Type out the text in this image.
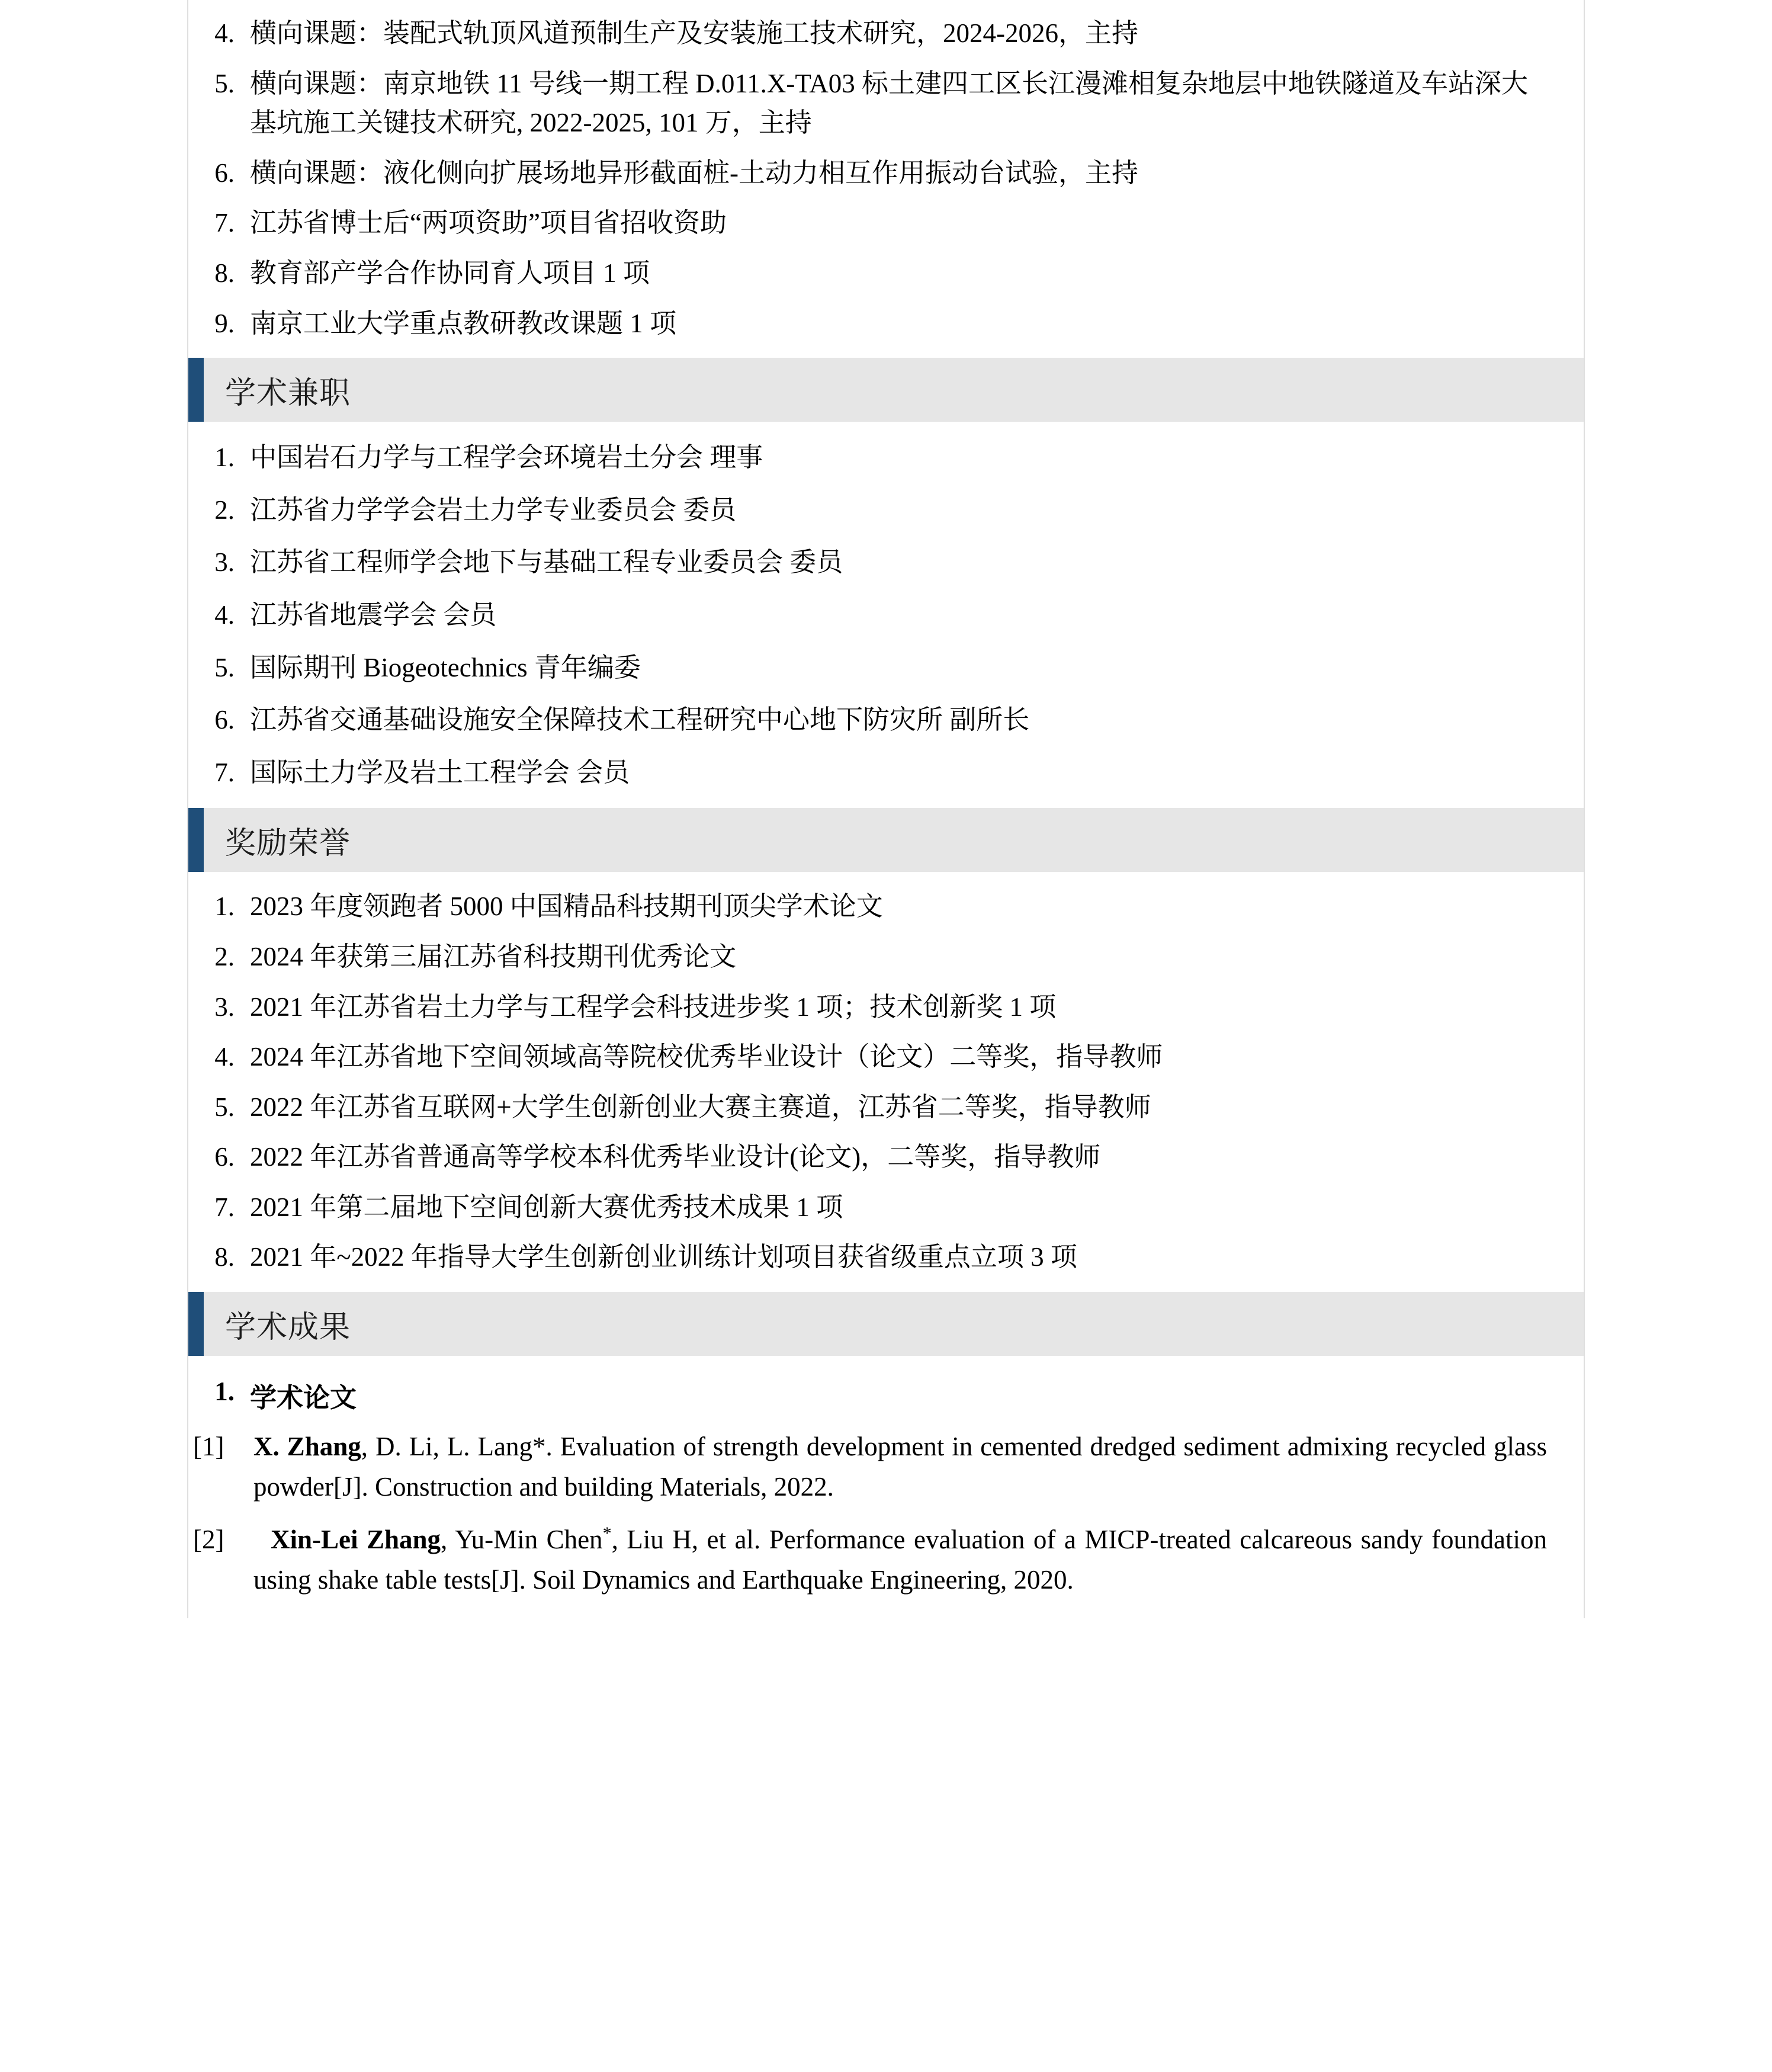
4. 横向课题：装配式轨顶风道预制生产及安装施工技术研究，2024-2026，主持
5. 横向课题：南京地铁 11 号线一期工程 D.011.X-TA03 标土建四工区长江漫滩相复杂地层中地铁隧道及车站深大基坑施工关键技术研究, 2022-2025, 101 万，主持
6. 横向课题：液化侧向扩展场地异形截面桩-土动力相互作用振动台试验，主持
7. 江苏省博士后“两项资助”项目省招收资助
8. 教育部产学合作协同育人项目 1 项
9. 南京工业大学重点教研教改课题 1 项
学术兼职
1. 中国岩石力学与工程学会环境岩土分会 理事
2. 江苏省力学学会岩土力学专业委员会 委员
3. 江苏省工程师学会地下与基础工程专业委员会 委员
4. 江苏省地震学会 会员
5. 国际期刊 Biogeotechnics 青年编委
6. 江苏省交通基础设施安全保障技术工程研究中心地下防灾所 副所长
7. 国际土力学及岩土工程学会 会员
奖励荣誉
1. 2023 年度领跑者 5000 中国精品科技期刊顶尖学术论文
2. 2024 年获第三届江苏省科技期刊优秀论文
3. 2021 年江苏省岩土力学与工程学会科技进步奖 1 项；技术创新奖 1 项
4. 2024 年江苏省地下空间领域高等院校优秀毕业设计（论文）二等奖，指导教师
5. 2022 年江苏省互联网+大学生创新创业大赛主赛道，江苏省二等奖，指导教师
6. 2022 年江苏省普通高等学校本科优秀毕业设计(论文)，二等奖，指导教师
7. 2021 年第二届地下空间创新大赛优秀技术成果 1 项
8. 2021 年~2022 年指导大学生创新创业训练计划项目获省级重点立项 3 项
学术成果
1. 学术论文
[1]	X. Zhang, D. Li, L. Lang*. Evaluation of strength development in cemented dredged sediment admixing recycled glass powder[J]. Construction and building Materials, 2022.
[2]	Xin-Lei Zhang, Yu-Min Chen*, Liu H, et al. Performance evaluation of a MICP-treated calcareous sandy foundation using shake table tests[J]. Soil Dynamics and Earthquake Engineering, 2020.
